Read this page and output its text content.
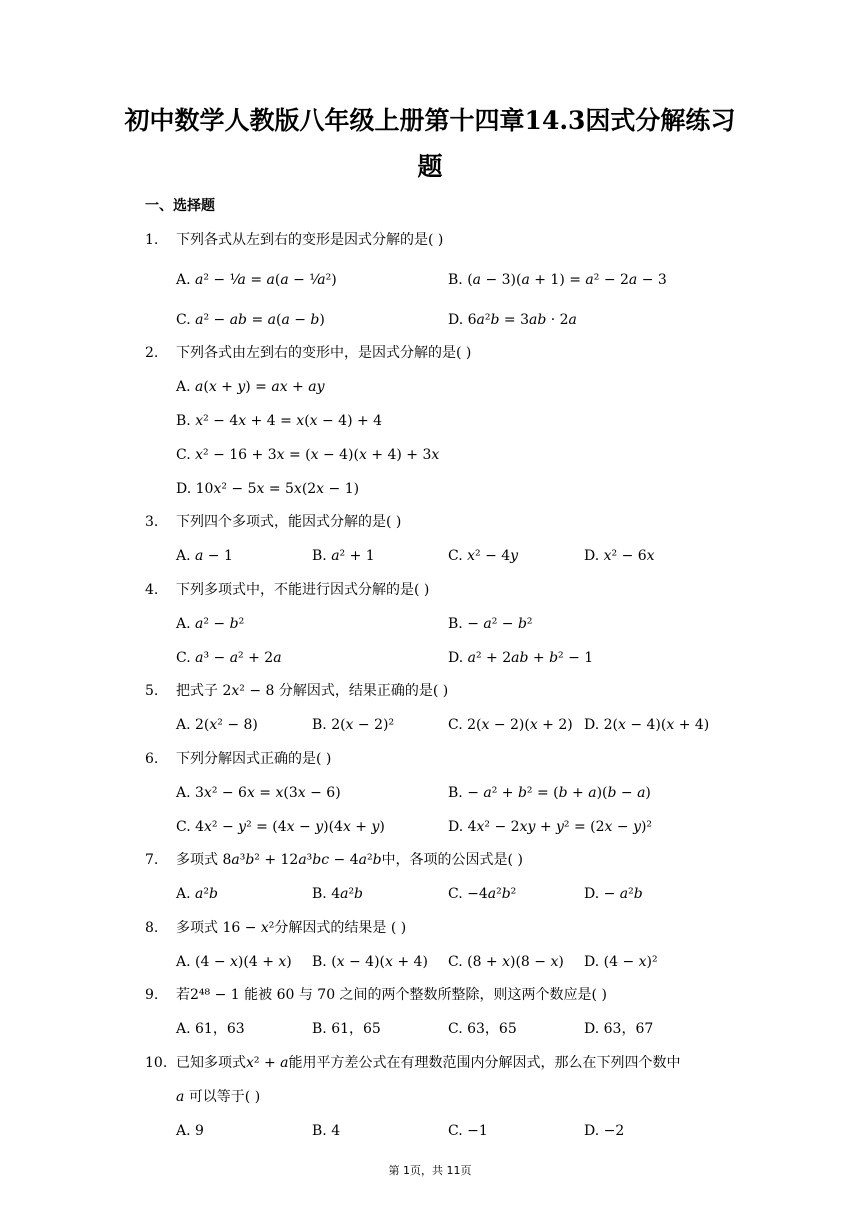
初中数学人教版八年级上册第十四章14.3因式分解练习
题
一、选择题
1.	下列各式从左到右的变形是因式分解的是( )
A. 𝑎² − ¹⁄𝑎 = 𝑎(𝑎 − ¹⁄𝑎²)	B. (𝑎 − 3)(𝑎 + 1) = 𝑎² − 2𝑎 − 3
C. 𝑎² − 𝑎𝑏 = 𝑎(𝑎 − 𝑏)	D. 6𝑎²𝑏 = 3𝑎𝑏 · 2𝑎
2.	下列各式由左到右的变形中，是因式分解的是( )
A. 𝑎(𝑥 + 𝑦) = 𝑎𝑥 + 𝑎𝑦
B. 𝑥² − 4𝑥 + 4 = 𝑥(𝑥 − 4) + 4
C. 𝑥² − 16 + 3𝑥 = (𝑥 − 4)(𝑥 + 4) + 3𝑥
D. 10𝑥² − 5𝑥 = 5𝑥(2𝑥 − 1)
3.	下列四个多项式，能因式分解的是( )
A. 𝑎 − 1	B. 𝑎² + 1	C. 𝑥² − 4𝑦	D. 𝑥² − 6𝑥
4.	下列多项式中，不能进行因式分解的是( )
A. 𝑎² − 𝑏²	B. − 𝑎² − 𝑏²
C. 𝑎³ − 𝑎² + 2𝑎	D. 𝑎² + 2𝑎𝑏 + 𝑏² − 1
5.	把式子 2𝑥² − 8 分解因式，结果正确的是( )
A. 2(𝑥² − 8)	B. 2(𝑥 − 2)²	C. 2(𝑥 − 2)(𝑥 + 2) D. 2(𝑥 − 4)(𝑥 + 4)
6.	下列分解因式正确的是( )
A. 3𝑥² − 6𝑥 = 𝑥(3𝑥 − 6)	B. − 𝑎² + 𝑏² = (𝑏 + 𝑎)(𝑏 − 𝑎)
C. 4𝑥² − 𝑦² = (4𝑥 − 𝑦)(4𝑥 + 𝑦)	D. 4𝑥² − 2𝑥𝑦 + 𝑦² = (2𝑥 − 𝑦)²
7.	多项式 8𝑎³𝑏² + 12𝑎³𝑏𝑐 − 4𝑎²𝑏中，各项的公因式是( )
A. 𝑎²𝑏	B. 4𝑎²𝑏	C. −4𝑎²𝑏²	D. − 𝑎²𝑏
8.	多项式 16 − 𝑥²分解因式的结果是 ( )
A. (4 − 𝑥)(4 + 𝑥) B. (𝑥 − 4)(𝑥 + 4) C. (8 + 𝑥)(8 − 𝑥) D. (4 − 𝑥)²
9.	若2⁴⁸ − 1 能被 60 与 70 之间的两个整数所整除，则这两个数应是( )
A. 61，63	B. 61，65	C. 63，65	D. 63，67
10. 已知多项式𝑥² + 𝑎能用平方差公式在有理数范围内分解因式，那么在下列四个数中
𝑎 可以等于( )
A. 9	B. 4	C. −1	D. −2
第 1页，共 11页
